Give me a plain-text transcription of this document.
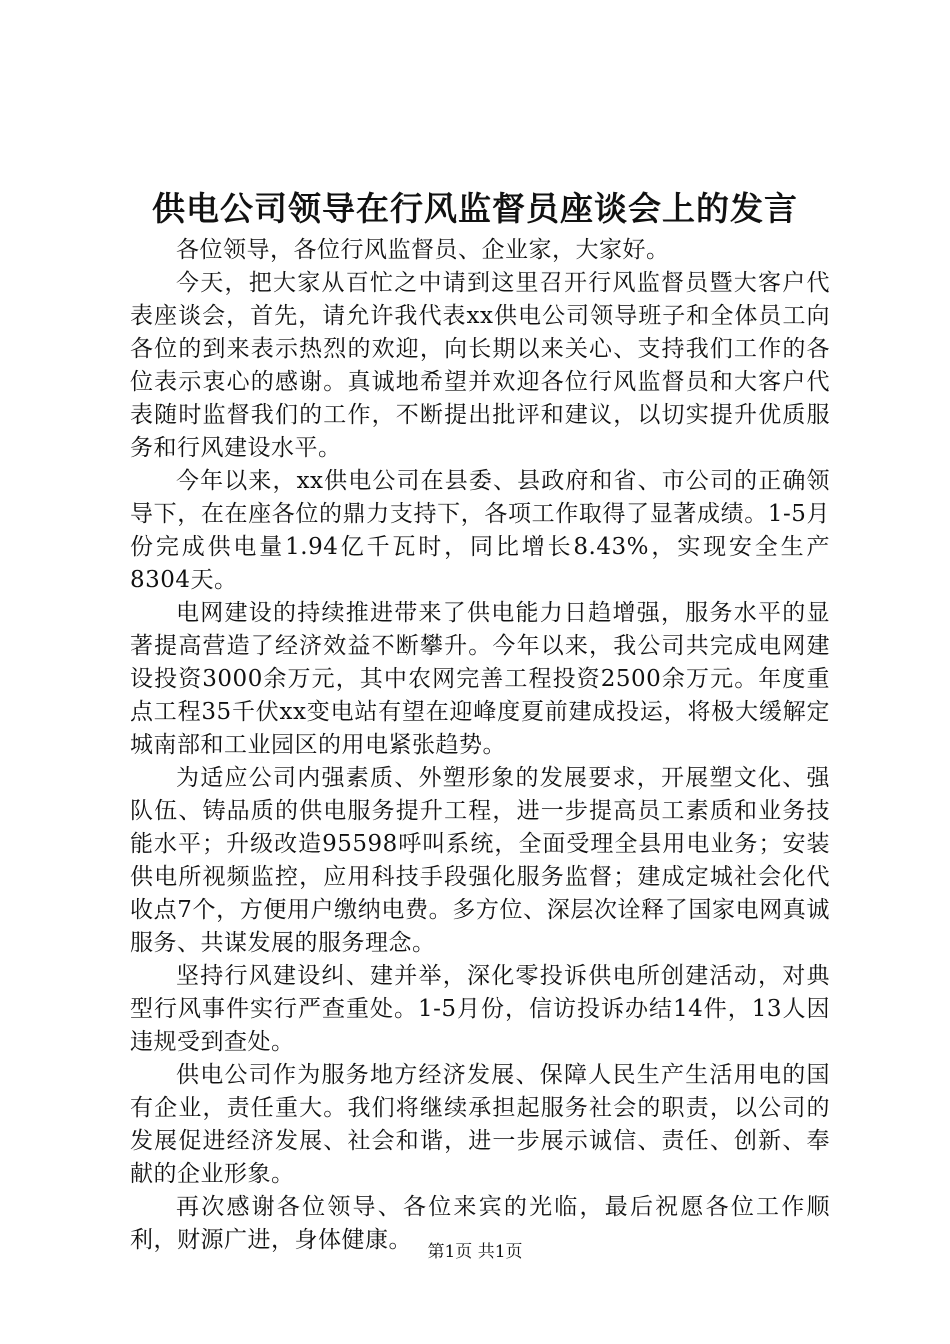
供电公司领导在行风监督员座谈会上的发言

各位领导，各位行风监督员、企业家，大家好。

今天，把大家从百忙之中请到这里召开行风监督员暨大客户代表座谈会，首先，请允许我代表xx供电公司领导班子和全体员工向各位的到来表示热烈的欢迎，向长期以来关心、支持我们工作的各位表示衷心的感谢。真诚地希望并欢迎各位行风监督员和大客户代表随时监督我们的工作，不断提出批评和建议，以切实提升优质服务和行风建设水平。

今年以来，xx供电公司在县委、县政府和省、市公司的正确领导下，在在座各位的鼎力支持下，各项工作取得了显著成绩。1-5月份完成供电量1.94亿千瓦时，同比增长8.43%，实现安全生产8304天。

电网建设的持续推进带来了供电能力日趋增强，服务水平的显著提高营造了经济效益不断攀升。今年以来，我公司共完成电网建设投资3000余万元，其中农网完善工程投资2500余万元。年度重点工程35千伏xx变电站有望在迎峰度夏前建成投运，将极大缓解定城南部和工业园区的用电紧张趋势。

为适应公司内强素质、外塑形象的发展要求，开展塑文化、强队伍、铸品质的供电服务提升工程，进一步提高员工素质和业务技能水平；升级改造95598呼叫系统，全面受理全县用电业务；安装供电所视频监控，应用科技手段强化服务监督；建成定城社会化代收点7个，方便用户缴纳电费。多方位、深层次诠释了国家电网真诚服务、共谋发展的服务理念。

坚持行风建设纠、建并举，深化零投诉供电所创建活动，对典型行风事件实行严查重处。1-5月份，信访投诉办结14件，13人因违规受到查处。

供电公司作为服务地方经济发展、保障人民生产生活用电的国有企业，责任重大。我们将继续承担起服务社会的职责，以公司的发展促进经济发展、社会和谐，进一步展示诚信、责任、创新、奉献的企业形象。

再次感谢各位领导、各位来宾的光临，最后祝愿各位工作顺利，财源广进，身体健康。 第1页 共1页
